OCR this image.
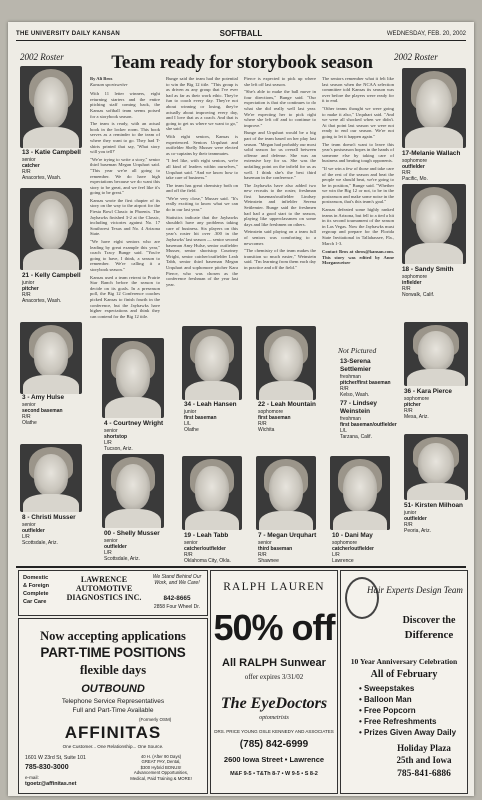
THE UNIVERSITY DAILY KANSAN	SOFTBALL	WEDNESDAY, FEB. 20, 2002
2002 Roster	2002 Roster
Team ready for storybook season
13 - Katie Campbell
senior
catcher
R/R
Anacortes, Wash.
21 - Kelly Campbell
junior
pitcher
R/R
Anacortes, Wash.
3 - Amy Hulse
senior
second baseman
R/R
Olathe
8 - Christi Musser
senior
outfielder
L/R
Scottsdale, Ariz.
By Ali Bros
Kansan sportswriter

With 11 letter winners, eight returning starters and the entire pitching staff coming back, the Kansas softball team seems poised for a storybook season.

The team is ready, with an actual book in the locker room. This book serves as a reminder to the team of where they want to go. They had T-shirts printed that say, 'What story will you tell?'

"We're trying to write a story," senior third baseman Megan Urquhart said. "This year we're all going to remember. We do have high expectations because we do want this story to be great, and we feel like it's going to be great."

Kansas wrote the first chapter of its story on the way to the airport for the Fiesta Bowl Classic in Phoenix. The Jayhawks finished 3-2 at the Classic, including victories against No. 17 Southwest Texas and No. 4 Arizona State.

"We have eight seniors who are leading by great example this year," coach Tracy Bunge said. "You're going to have, I think, a season to remember. We're calling it a storybook season."

Kansas used a team retreat to Prairie Star Ranch before the season to decide on its goals. In a preseason poll, the Big 12 Conference coaches picked Kansas to finish fourth in the conference, but the Jayhawks have higher expectations and think they can contend for the Big 12 title.

Bunge said the team had the potential to win the Big 12 title. "This group is as driven as any group that I've ever had as far as their work ethic. They're fun to coach every day. They're not about winning or losing, they're actually about improving every day, and I love that as a coach. And that is going to get us where we want to go," she said.

With eight seniors, Kansas is experienced. Seniors Urquhart and outfielder Shelly Musser were elected as co-captains by their teammates.

"I feel like, with eight seniors, we're all kind of leaders within ourselves," Urquhart said. "And we know how to take care of business."

The team has great chemistry both on and off the field.

"We're very close," Musser said. "It's really exciting to know what we can do in our last year."

Statistics indicate that the Jayhawks shouldn't have any problems taking care of business. Six players on this year's roster hit over .300 in the Jayhawks' last season — senior second baseman Amy Hulse, senior outfielder Musser, senior shortstop Courtney Wright, senior catcher/outfielder Leah Tabb, senior third baseman Megan Urquhart and sophomore pitcher Kara Pierce, who was chosen as the conference freshman of the year last year.

Pierce is expected to pick up where she left off last season.

"She's able to make the ball move in four directions," Bunge said. "Our expectation is that she continues to do what she did really well last year. We're expecting her to pick right where she left off and to continue to improve."

Bunge and Urquhart would be a big part of the team based on her play last season. "Megan had probably our most solid season for us overall between offense and defense. She was an extensive key for us. She was the unfailing point on the infield for us as well. I think she's the best third baseman in the conference."

The Jayhawks have also added two new recruits to the roster, freshman first baseman/outfielder Lindsey Weinstein and infielder Serena Settlemier. Bunge said the freshmen had had a good start to the season, playing like upperclassmen on some days and like freshmen on others.

Weinstein said playing on a team full of seniors was comforting to a newcomer.

"The chemistry of the team makes the transition so much easier," Weinstein said. "I'm learning from them each day in practice and off the field."

The seniors remember what it felt like last season when the NCAA selection committee told Kansas its season was over before the players were ready for it to end.

"Other teams thought we were going to make it also," Urquhart said. "And we were all shocked when we didn't. At that point last season we were not ready to end our season. We're not going to let it happen again."

The team doesn't want to leave this year's postseason hopes in the hands of someone else by taking care of business and beating tough opponents.

"If we win a few of those and take care of the rest of the season and beat the people we should beat, we're going to be in position," Bunge said. "Whether we win the Big 12 or not, to be in the postseason and make some noise in the postseason, that's this team's goal."

Kansas defeated some highly ranked teams in Arizona, but fell to a tied a hit in its second tournament of the season in Las Vegas. Now the Jayhawks must regroup and prepare for the Florida State Invitational in Tallahassee, Fla., March 1-3.

Contact Bros at sbros@kansan.com. This story was edited by Anne Morganweiser
17-Melanie Wallach
sophomore
outfielder
R/R
Pacific, Mo.
18 - Sandy Smith
sophomore
infielder
R/R
Norwalk, Calif.
4 - Courtney Wright
senior
shortstop
L/R
Tucson, Ariz.
34 - Leah Hansen
junior
first baseman
L/L
Olathe
22 - Leah Mountain
sophomore
first baseman
R/R
Wichita
Not Pictured
13-Serena Settlemier
freshman
pitcher/first baseman
R/R
Kelso, Wash.
77 - Lindsey Weinstein
freshman
first baseman/outfielder
L/L
Tarzana, Calif.
36 - Kara Pierce
sophomore
pitcher
R/R
Mesa, Ariz.
51- Kirsten Milhoan
junior
outfielder
R/R
Peoria, Ariz.
00 - Shelly Musser
senior
outfielder
L/R
Scottsdale, Ariz.
19 - Leah Tabb
senior
catcher/outfielder
R/R
Oklahoma City, Okla.
7 - Megan Urquhart
senior
third baseman
R/R
Shawnee
10 - Dani May
sophomore
catcher/outfielder
L/R
Lawrence
Domestic
& Foreign
Complete
Car Care
LAWRENCE AUTOMOTIVE DIAGNOSTICS INC.
We Stand Behind Our Work, and We Care!
842-8665
2858 Four Wheel Dr.
Now accepting applications
PART-TIME POSITIONS
flexible days
OUTBOUND
Telephone Service Representatives
Full and Part-Time Available
(Formerly OSM)
AFFINITAS
One Customer... One Relationship... One Source.
1601 W 23rd St, Suite 101
785-830-3000
e-mail:
tgoetz@affinitas.net
40 H. (After 90 Days)
GREAT PAY, Dental,
$300 Hybrid BONUS!
Advancement Opportunities,
Medical, Paid Training & MORE!
RALPH LAUREN
50% off
All RALPH Sunwear
offer expires 3/31/02
The EyeDoctors
optometrists
DRS. PRICE YOUNG OSLE KENNEDY AND ASSOCIATES
(785) 842-6999
2600 Iowa Street • Lawrence
M&F 9-5 • T&Th 8-7 • W 9-5 • S 8-2
Hair Experts Design Team
Discover the
Difference
10 Year Anniversary Celebration
All of February
• Sweepstakes
• Balloon Man
• Free Popcorn
• Free Refreshments
• Prizes Given Away Daily
Holiday Plaza
25th and Iowa
785-841-6886
